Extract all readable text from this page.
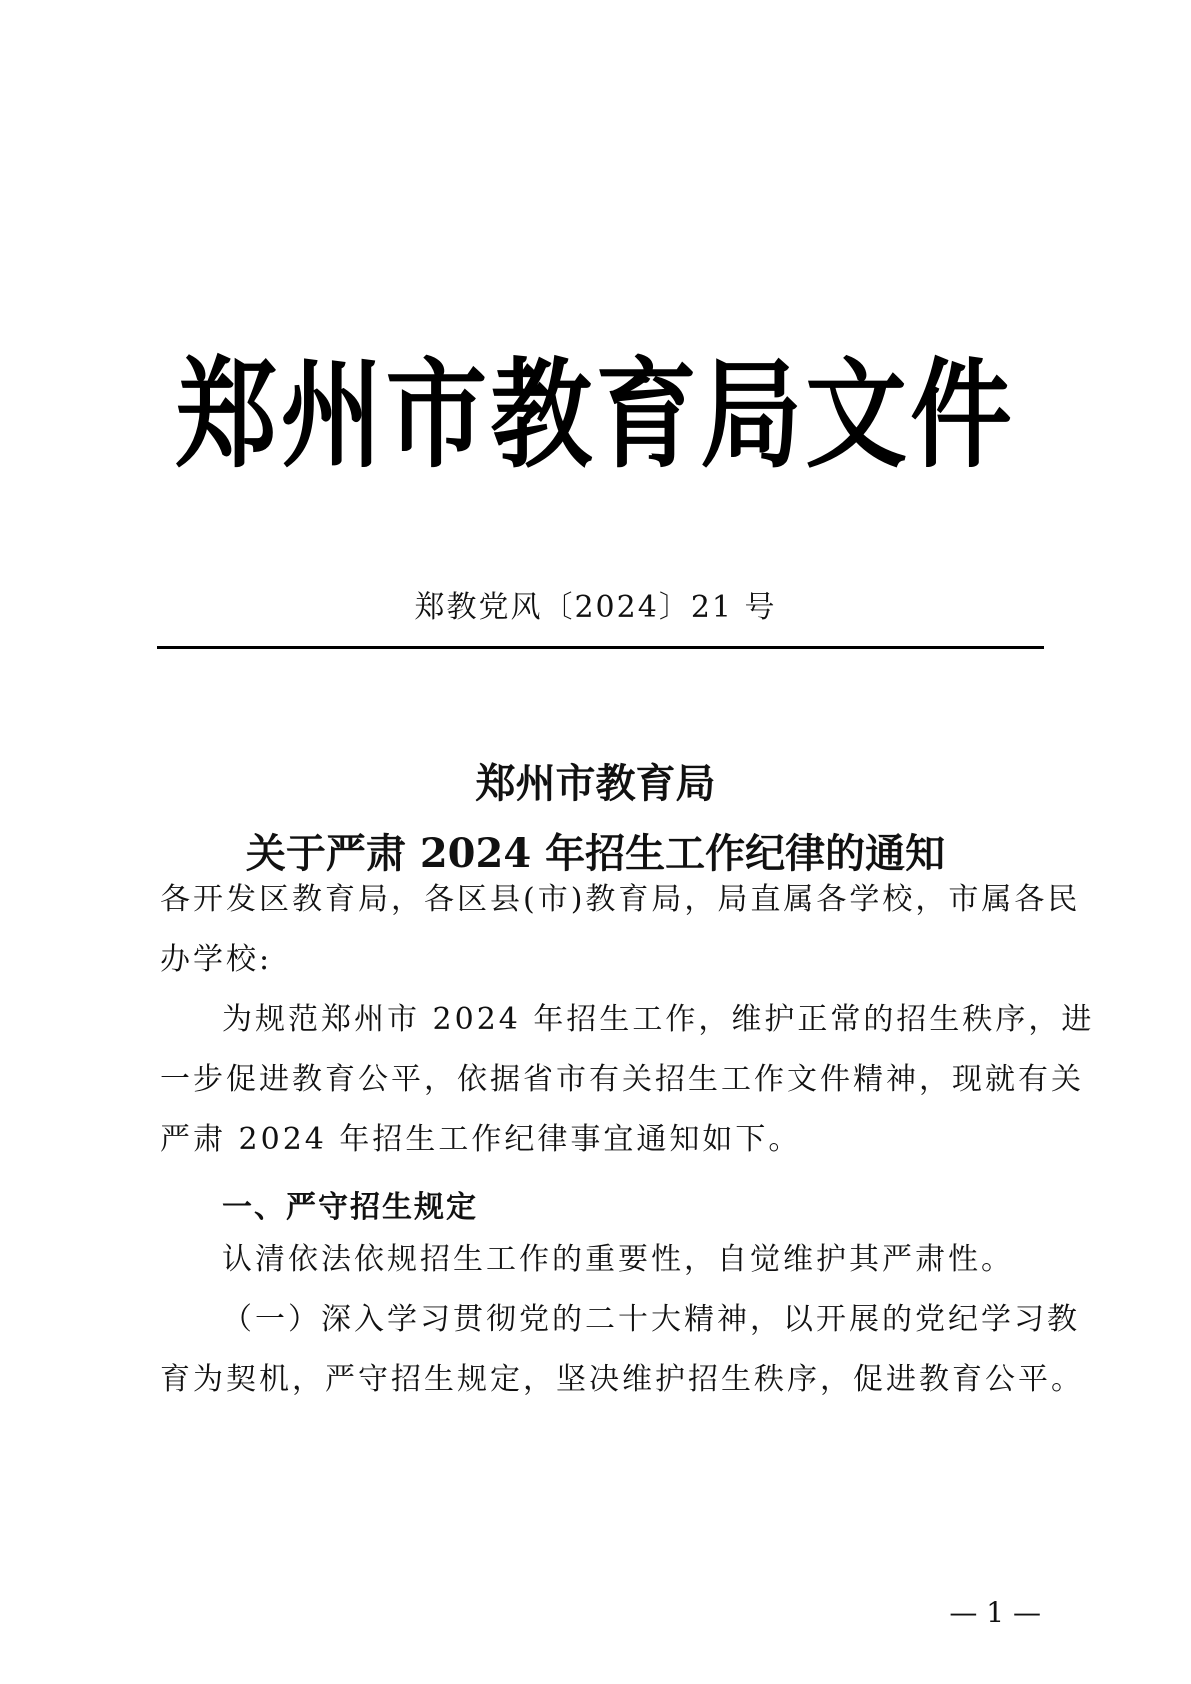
郑州市教育局文件
郑教党风〔2024〕21 号
郑州市教育局
关于严肃 2024 年招生工作纪律的通知
各开发区教育局，各区县(市)教育局，局直属各学校，市属各民
办学校:
为规范郑州市 2024 年招生工作，维护正常的招生秩序，进
一步促进教育公平，依据省市有关招生工作文件精神，现就有关
严肃 2024 年招生工作纪律事宜通知如下。
一、严守招生规定
认清依法依规招生工作的重要性，自觉维护其严肃性。
（一）深入学习贯彻党的二十大精神，以开展的党纪学习教
育为契机，严守招生规定，坚决维护招生秩序，促进教育公平。
— 1 —
